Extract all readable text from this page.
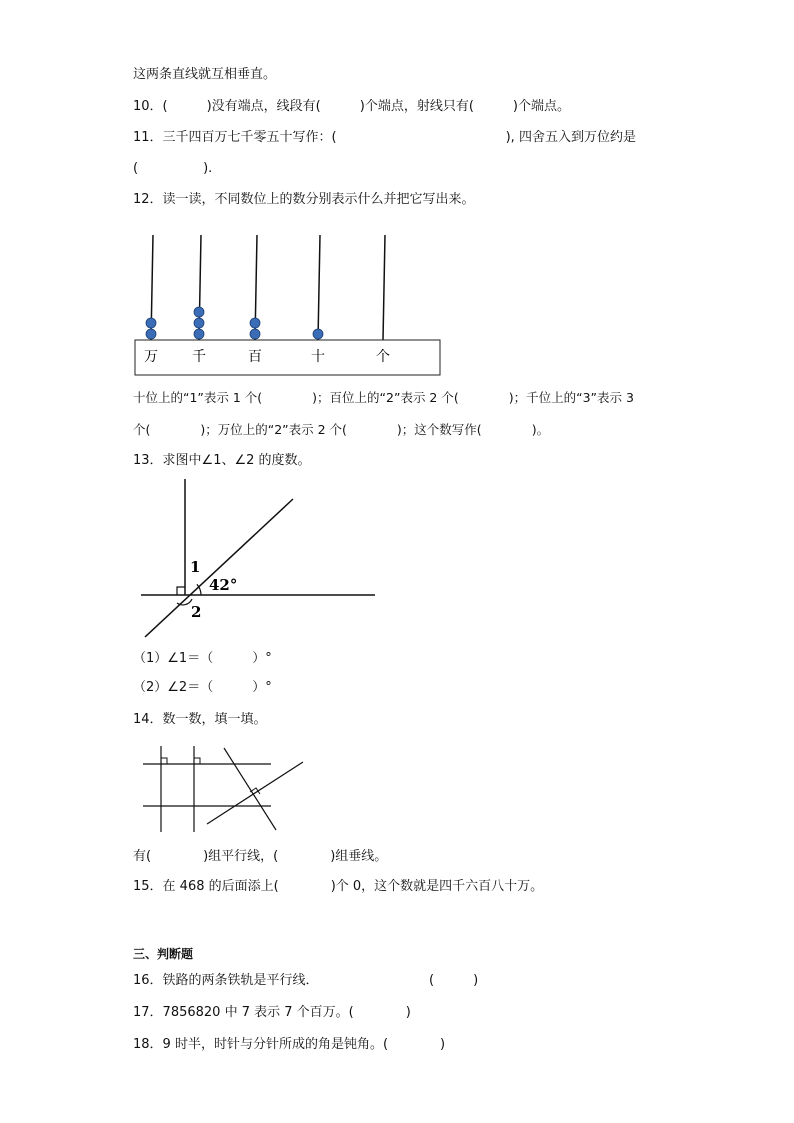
这两条直线就互相垂直。
10．(　　　)没有端点，线段有(　　　)个端点，射线只有(　　　)个端点。
11．三千四百万七千零五十写作：(　　　　　　　　　　　　　), 四舍五入到万位约是
(　　　　　).
12．读一读，不同数位上的数分别表示什么并把它写出来。
万 千	百	十	个
十位上的“1”表示 1 个(　　　　)；百位上的“2”表示 2 个(　　　　)；千位上的“3”表示 3
个(　　　　)；万位上的“2”表示 2 个(　　　　)；这个数写作(　　　　)。
13．求图中∠1、∠2 的度数。
1
2
42°
（1）∠1＝（　　　）°
（2）∠2＝（　　　）°
14．数一数，填一填。
有(　　　　)组平行线，(　　　　)组垂线。
15．在 468 的后面添上(　　　　)个 0，这个数就是四千六百八十万。
三、判断题
16．铁路的两条铁轨是平行线．　　　　　　　　　(　　　)
17．7856820 中 7 表示 7 个百万。(　　　　)
18．9 时半，时针与分针所成的角是钝角。(　　　　)
